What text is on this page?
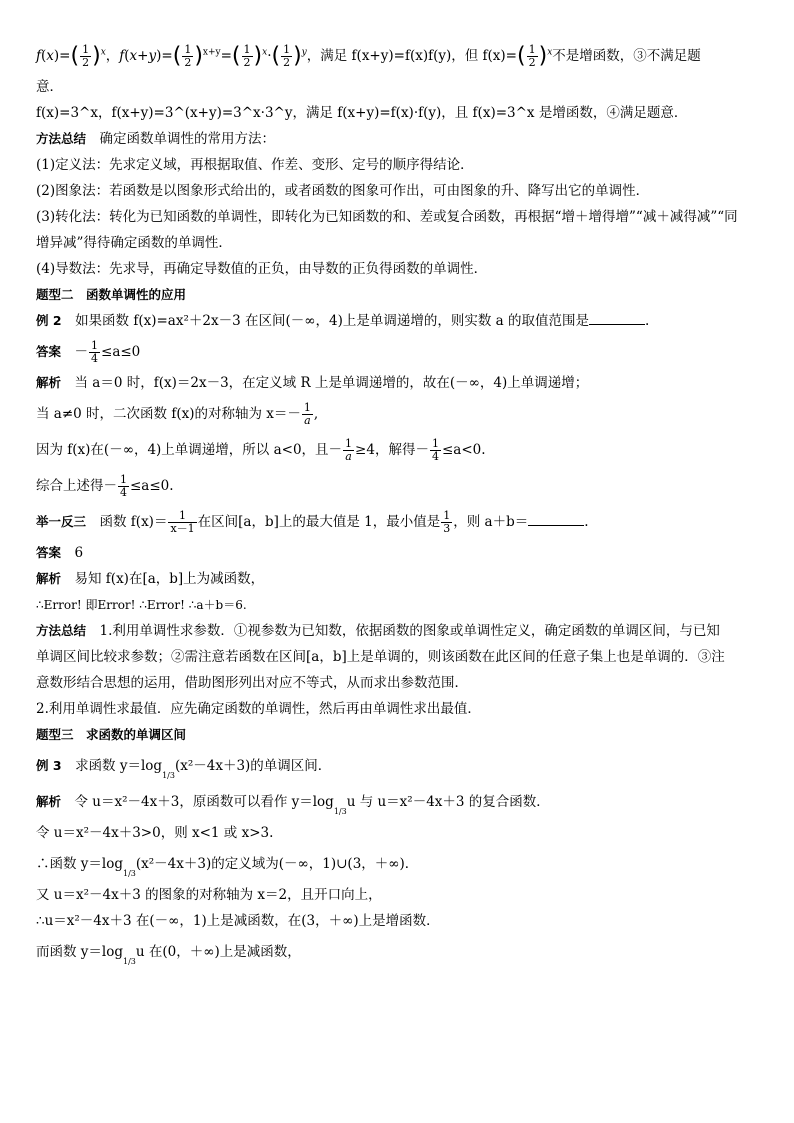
$f(x)=( \frac{1}{2} )^x$，$f(x+y)=( \frac{1}{2} )^{x+y}=( \frac{1}{2} )^x\cdot( \frac{1}{2} )^y$，满足 f(x+y)=f(x)f(y)，但 $f(x)=( \frac{1}{2} )^x$不是增函数，③不满足题
意．
f(x)=3^x，f(x+y)=3^(x+y)=3^x·3^y，满足 f(x+y)=f(x)·f(y)，且 f(x)=3^x 是增函数，④满足题意．
方法总结　 确定函数单调性的常用方法：
(1)定义法：先求定义域，再根据取值、作差、变形、定号的顺序得结论．
(2)图象法：若函数是以图象形式给出的，或者函数的图象可作出，可由图象的升、降写出它的单调性．
(3)转化法：转化为已知函数的单调性，即转化为已知函数的和、差或复合函数，再根据“增＋增得增”“减＋减得减”“同
增异减”得待确定函数的单调性．
(4)导数法：先求导，再确定导数值的正负，由导数的正负得函数的单调性．
题型二　函数单调性的应用
例 2　 如果函数 f(x)=ax²＋2x－3 在区间(－∞，4)上是单调递增的，则实数 a 的取值范围是	.
答案　－ $\frac{1}{4} \le a\le 0$
解析　 当 a＝0 时，f(x)＝2x－3，在定义域 R 上是单调递增的，故在(－∞，4)上单调递增；
当 a≠0 时，二次函数 f(x)的对称轴为 $x=- \frac{1}{a}$ ,
因为 f(x)在(－∞，4)上单调递增，所以 a<0，且－ $\frac{1}{a} \ge 4$，解得－ $\frac{1}{4} \le a<0$.
综合上述得－ $\frac{1}{4} \le a\le 0$.
举一反三　 函数 $f(x)= \frac{1}{x-1}$ 在区间[a，b]上的最大值是 1，最小值是 $\frac{1}{3}$ ，则 a＋b＝	.
答案　 6
解析　 易知 f(x)在[a，b]上为减函数，
∴Error! 即Error! ∴Error! ∴a＋b＝6.
方法总结　 1.利用单调性求参数．①视参数为已知数，依据函数的图象或单调性定义，确定函数的单调区间，与已知
单调区间比较求参数；②需注意若函数在区间[a，b]上是单调的，则该函数在此区间的任意子集上也是单调的．③注
意数形结合思想的运用，借助图形列出对应不等式，从而求出参数范围．
2.利用单调性求最值．应先确定函数的单调性，然后再由单调性求出最值．
题型三　求函数的单调区间
例 3　 求函数 $y=\log_{1/3}(x^2-4x+3)$的单调区间．
解析　 令 u＝x²－4x＋3，原函数可以看作 $y=\log_{1/3}u$ 与 u＝x²－4x＋3 的复合函数．
令 u＝x²－4x＋3>0，则 x<1 或 x>3.
∴函数 $y=\log_{1/3}(x^2-4x+3)$的定义域为(－∞，1)∪(3，＋∞)．
又 u＝x²－4x＋3 的图象的对称轴为 x＝2，且开口向上，
∴u＝x²－4x＋3 在(－∞，1)上是减函数，在(3，＋∞)上是增函数．
而函数 $y=\log_{1/3}u$ 在(0，＋∞)上是减函数，
